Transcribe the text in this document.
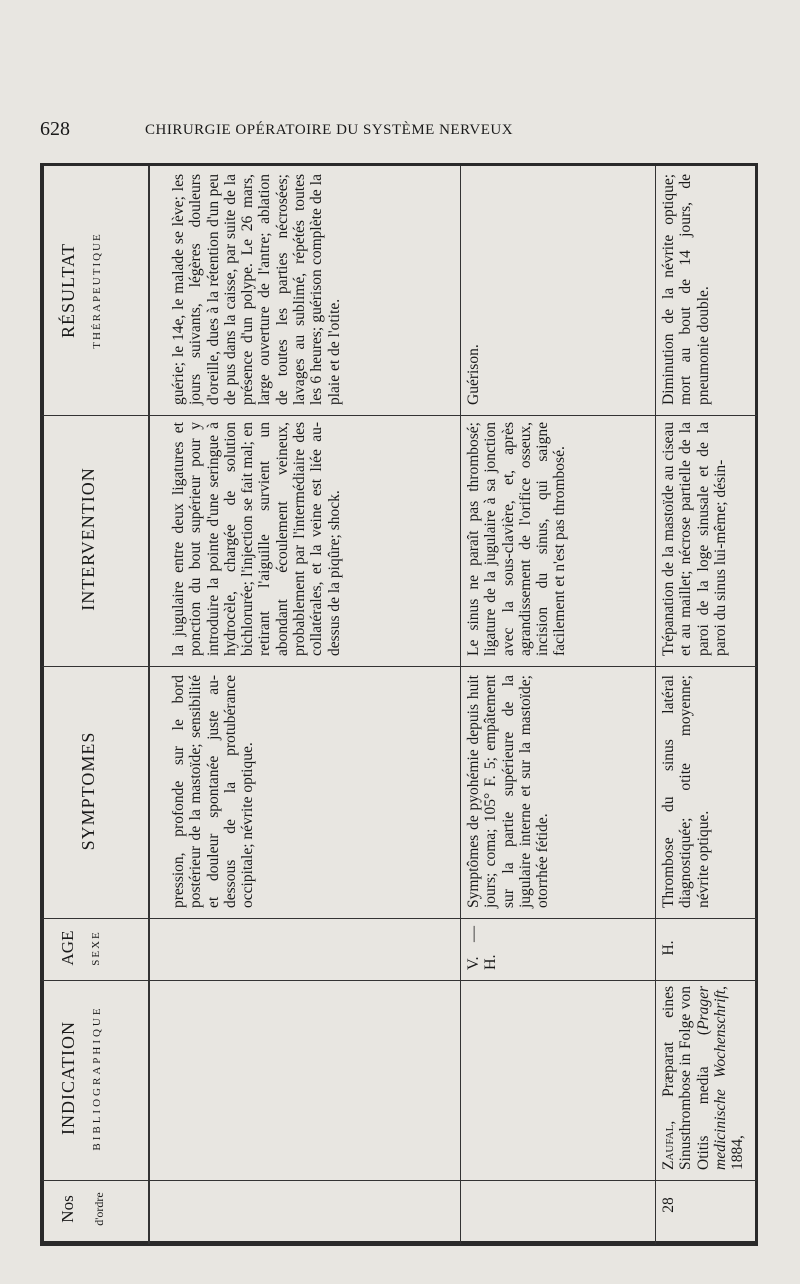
628	CHIRURGIE OPÉRATOIRE DU SYSTÈME NERVEUX
Nos d'ordre
INDICATION BIBLIOGRAPHIQUE
AGE SEXE
SYMPTOMES
INTERVENTION
RÉSULTAT THÉRAPEUTIQUE
pression, profonde sur le bord postérieur de la mastoïde; sensibilité et douleur spontanée juste au-dessous de la protubérance occipitale; névrite optique.
la jugulaire entre deux ligatures et ponction du bout supérieur pour y introduire la pointe d'une seringue à hydrocèle, chargée de solution bichlorurée; l'injection se fait mal; en retirant l'aiguille survient un abondant écoulement veineux, probablement par l'intermédiaire des collatérales, et la veine est liée au-dessus de la piqûre; shock.
guérie; le 14e, le malade se lève; les jours suivants, légères douleurs d'oreille, dues à la rétention d'un peu de pus dans la caisse, par suite de la présence d'un polype. Le 26 mars, large ouverture de l'antre; ablation de toutes les parties nécrosées; lavages au sublimé, répétés toutes les 6 heures; guérison complète de la plaie et de l'otite.
V. — H.
Symptômes de pyohémie depuis huit jours; coma; 105° F. 5; empâtement sur la partie supérieure de la jugulaire interne et sur la mastoïde; otorrhée fétide.
Le sinus ne paraît pas thrombosé; ligature de la jugulaire à sa jonction avec la sous-clavière, et, après agrandissement de l'orifice osseux, incision du sinus, qui saigne facilement et n'est pas thrombosé.
Guérison.
28
Zaufal, Præparat eines Sinusthrombose in Folge von Otitis media (Prager medicinische Wochenschrift, 1884,
H.
Thrombose du sinus latéral diagnostiquée; otite moyenne; névrite optique.
Trépanation de la mastoïde au ciseau et au maillet; nécrose partielle de la paroi de la loge sinusale et de la paroi du sinus lui-même; désin-
Diminution de la névrite optique; mort au bout de 14 jours, de pneumonie double.
